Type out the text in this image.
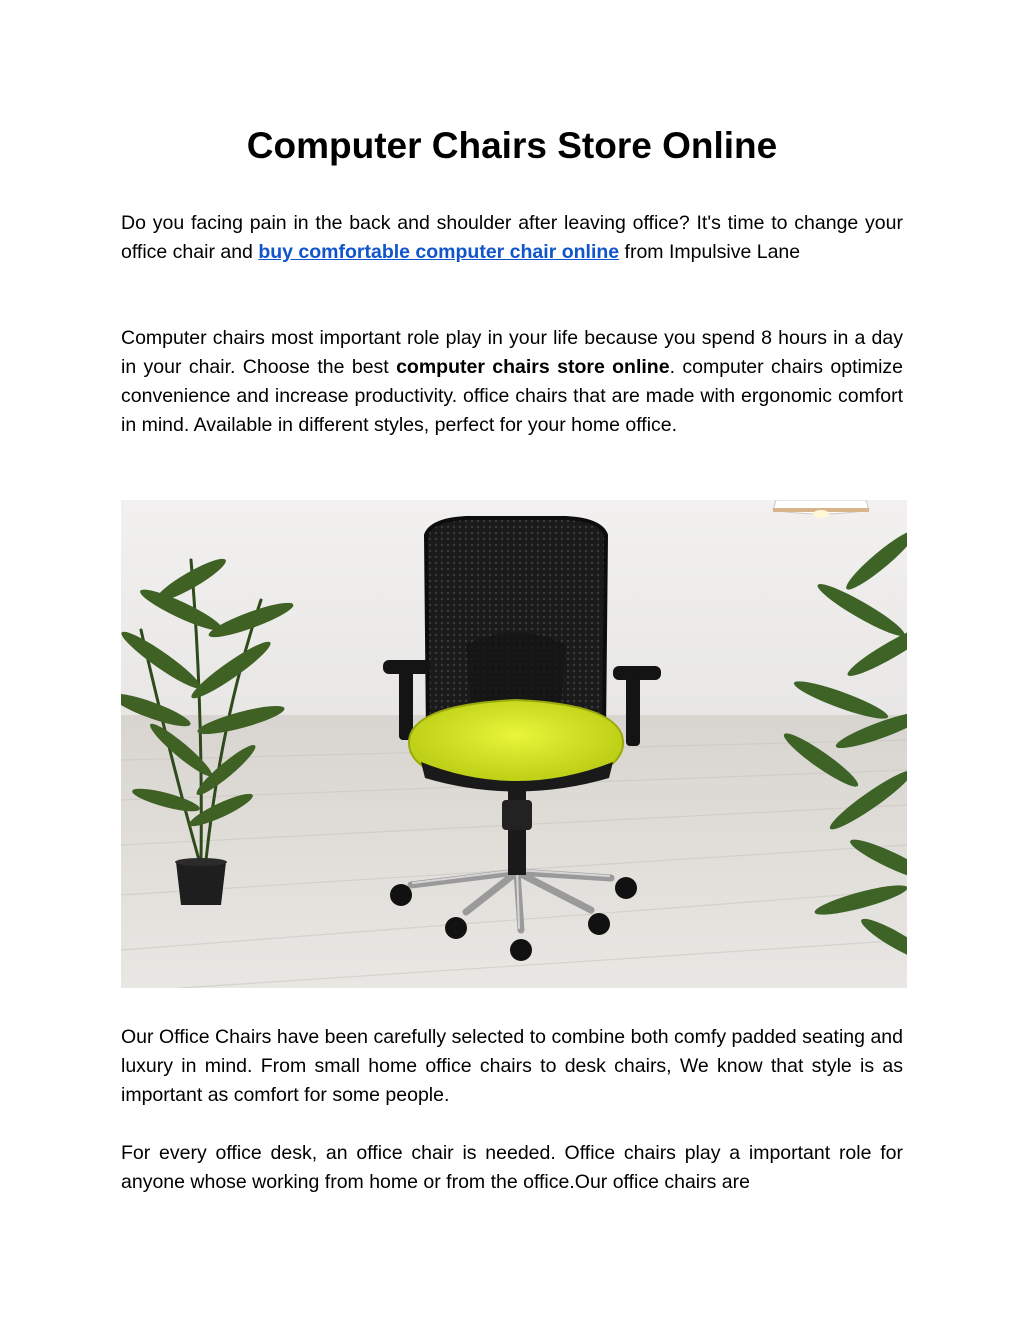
Computer Chairs Store Online

Do you facing pain in the back and shoulder after leaving office? It's time to change your office chair and buy comfortable computer chair online from Impulsive Lane

Computer chairs most important role play in your life because you spend 8 hours in a day in your chair. Choose the best computer chairs store online. computer chairs optimize convenience and increase productivity. office chairs that are made with ergonomic comfort in mind. Available in different styles, perfect for your home office.

Our Office Chairs have been carefully selected to combine both comfy padded seating and luxury in mind. From small home office chairs to desk chairs, We know that style is as important as comfort for some people.

For every office desk, an office chair is needed. Office chairs play a important role for anyone whose working from home or from the office.Our office chairs are
